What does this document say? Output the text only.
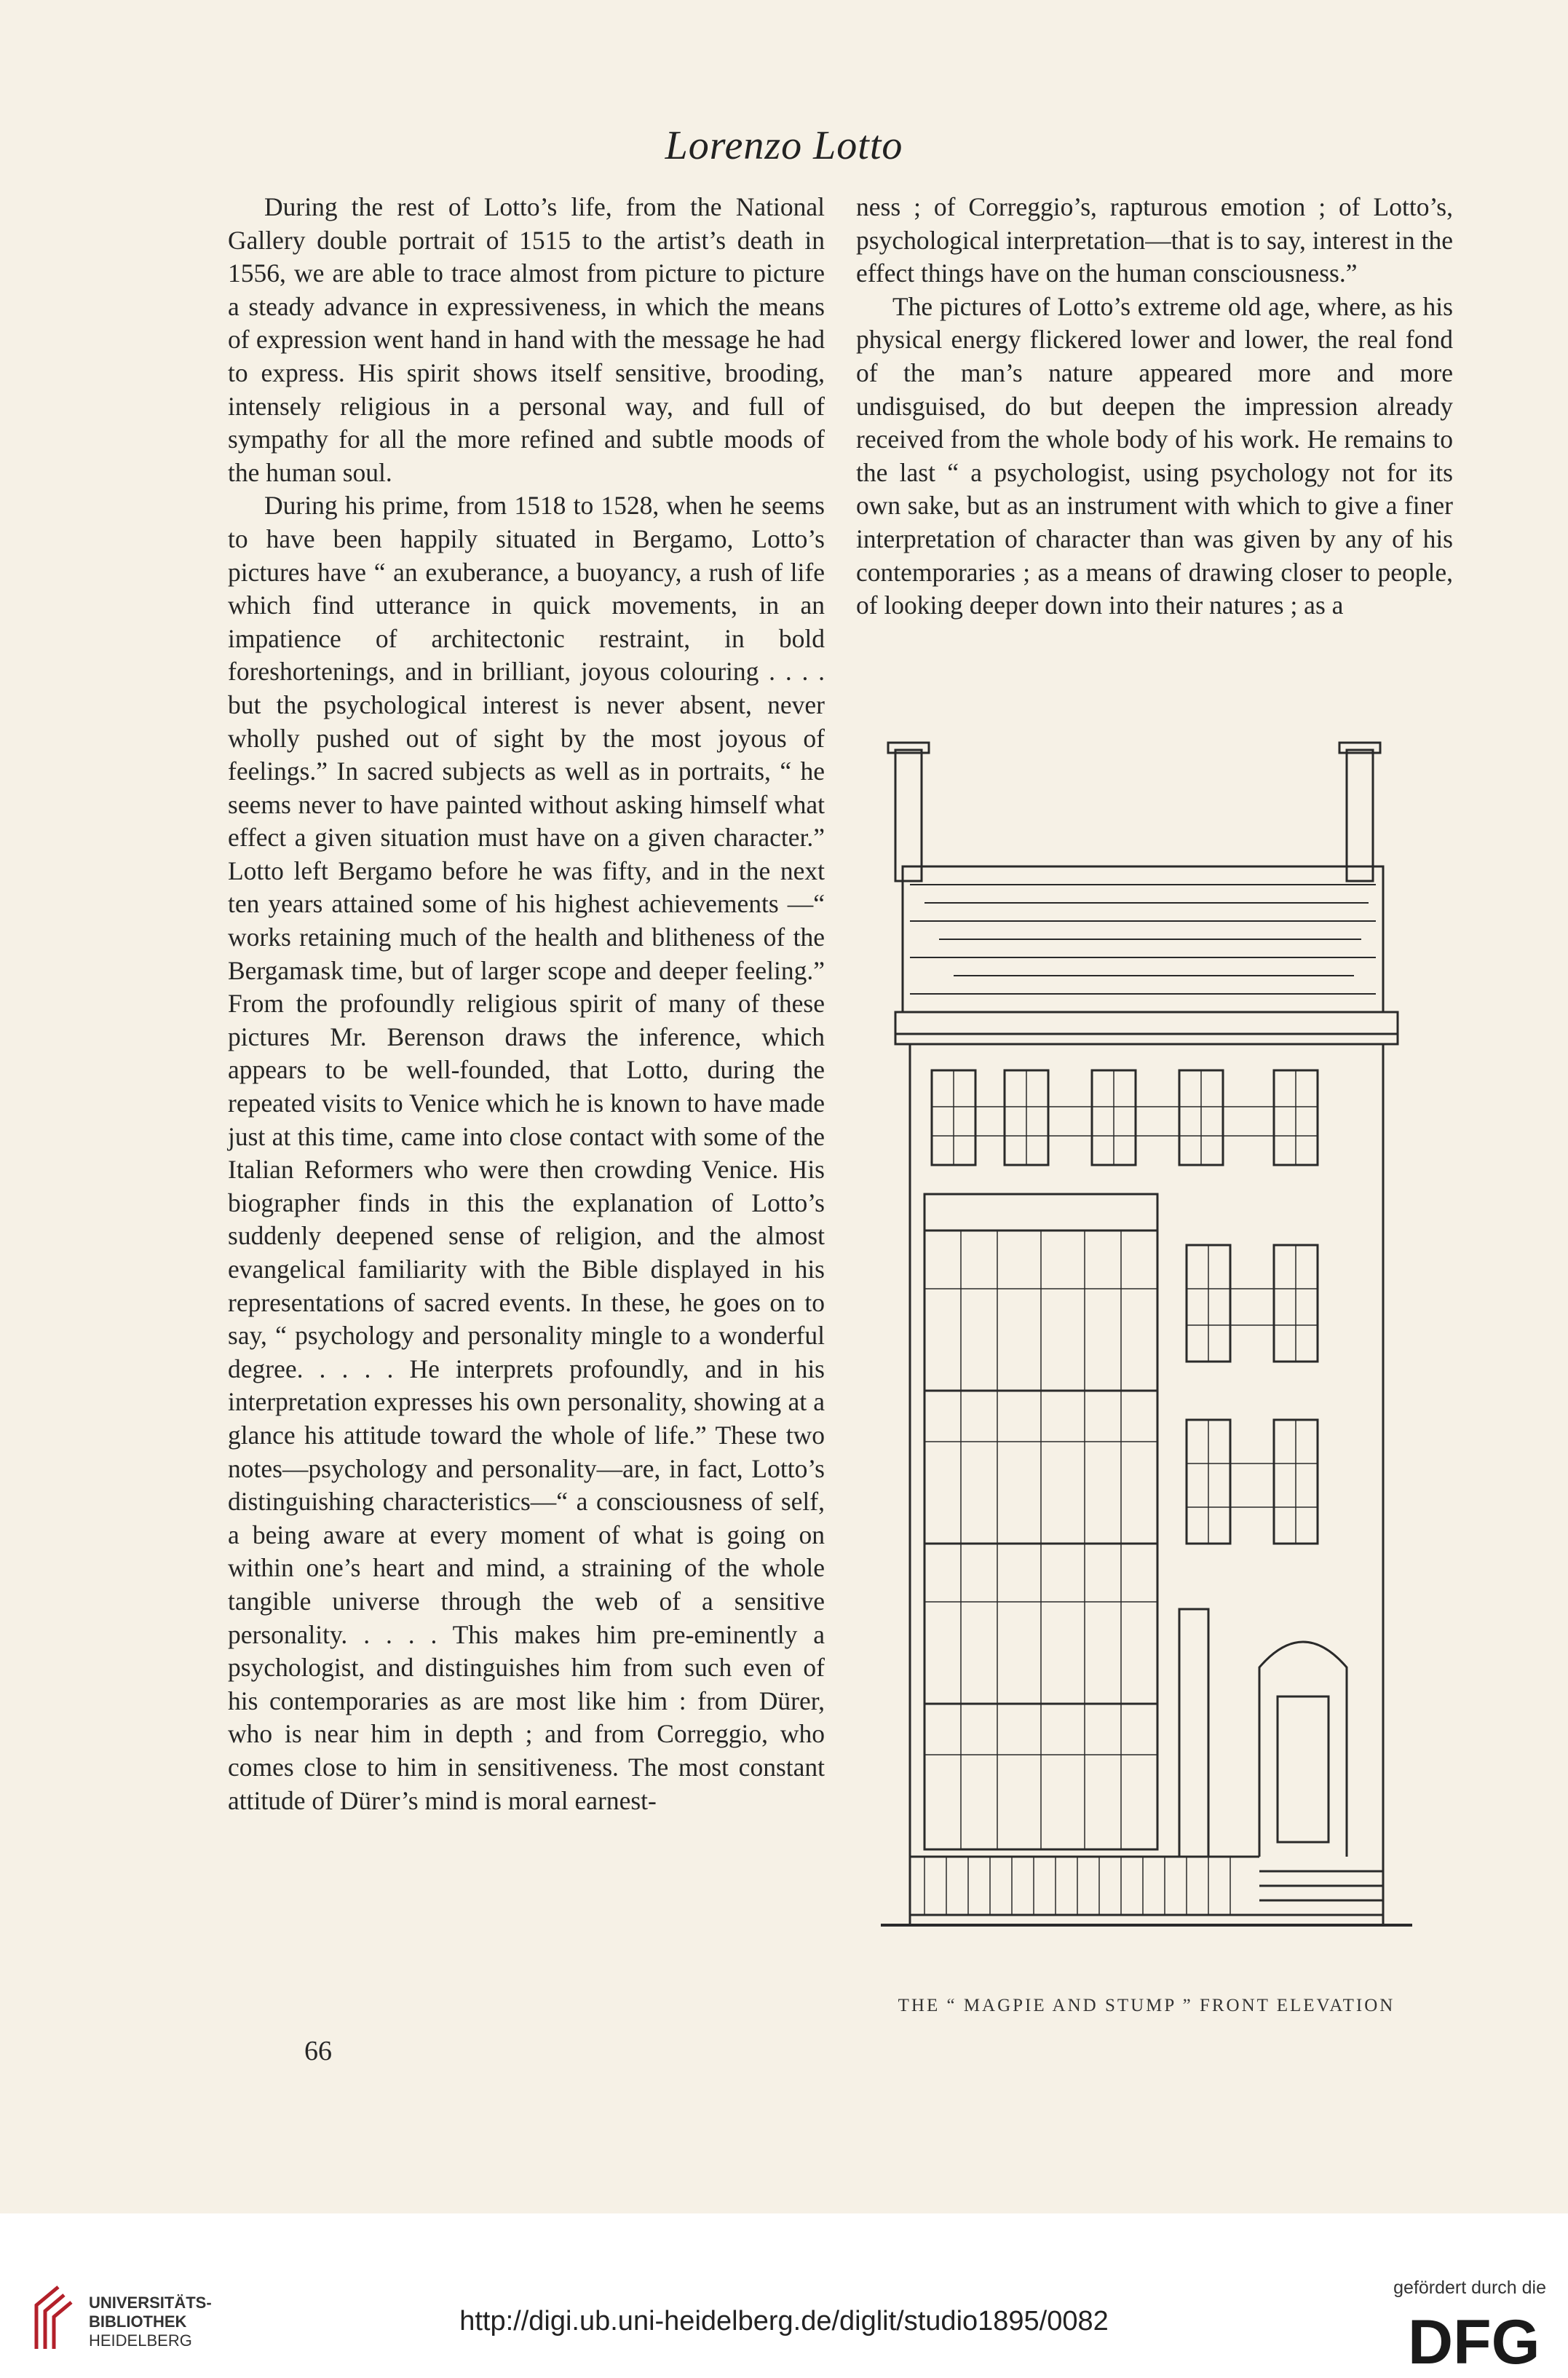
Lorenzo Lotto

During the rest of Lotto’s life, from the National Gallery double portrait of 1515 to the artist’s death in 1556, we are able to trace almost from picture to picture a steady advance in expressiveness, in which the means of expression went hand in hand with the message he had to express. His spirit shows itself sensitive, brooding, intensely religious in a personal way, and full of sympathy for all the more refined and subtle moods of the human soul.

During his prime, from 1518 to 1528, when he seems to have been happily situated in Bergamo, Lotto’s pictures have “ an exuberance, a buoyancy, a rush of life which find utterance in quick movements, in an impatience of architectonic restraint, in bold foreshortenings, and in brilliant, joyous colouring . . . . but the psychological interest is never absent, never wholly pushed out of sight by the most joyous of feelings.” In sacred subjects as well as in portraits, “ he seems never to have painted without asking himself what effect a given situation must have on a given character.” Lotto left Bergamo before he was fifty, and in the next ten years attained some of his highest achievements —“ works retaining much of the health and blitheness of the Bergamask time, but of larger scope and deeper feeling.” From the profoundly religious spirit of many of these pictures Mr. Berenson draws the inference, which appears to be well-founded, that Lotto, during the repeated visits to Venice which he is known to have made just at this time, came into close contact with some of the Italian Reformers who were then crowding Venice. His biographer finds in this the explanation of Lotto’s suddenly deepened sense of religion, and the almost evangelical familiarity with the Bible displayed in his representations of sacred events. In these, he goes on to say, “ psychology and personality mingle to a wonderful degree. . . . . He interprets profoundly, and in his interpretation expresses his own personality, showing at a glance his attitude toward the whole of life.” These two notes—psychology and personality—are, in fact, Lotto’s distinguishing characteristics—“ a consciousness of self, a being aware at every moment of what is going on within one’s heart and mind, a straining of the whole tangible universe through the web of a sensitive personality. . . . . This makes him pre-eminently a psychologist, and distinguishes him from such even of his contemporaries as are most like him : from Dürer, who is near him in depth ; and from Correggio, who comes close to him in sensitiveness. The most constant attitude of Dürer’s mind is moral earnest-

ness ; of Correggio’s, rapturous emotion ; of Lotto’s, psychological interpretation—that is to say, interest in the effect things have on the human consciousness.”

The pictures of Lotto’s extreme old age, where, as his physical energy flickered lower and lower, the real fond of the man’s nature appeared more and more undisguised, do but deepen the impression already received from the whole body of his work. He remains to the last “ a psychologist, using psychology not for its own sake, but as an instrument with which to give a finer interpretation of character than was given by any of his contemporaries ; as a means of drawing closer to people, of looking deeper down into their natures ; as a

THE “ MAGPIE AND STUMP ” FRONT ELEVATION
66
UNIVERSITÄTS-
BIBLIOTHEK
HEIDELBERG
http://digi.ub.uni-heidelberg.de/diglit/studio1895/0082
gefördert durch die
DFG
